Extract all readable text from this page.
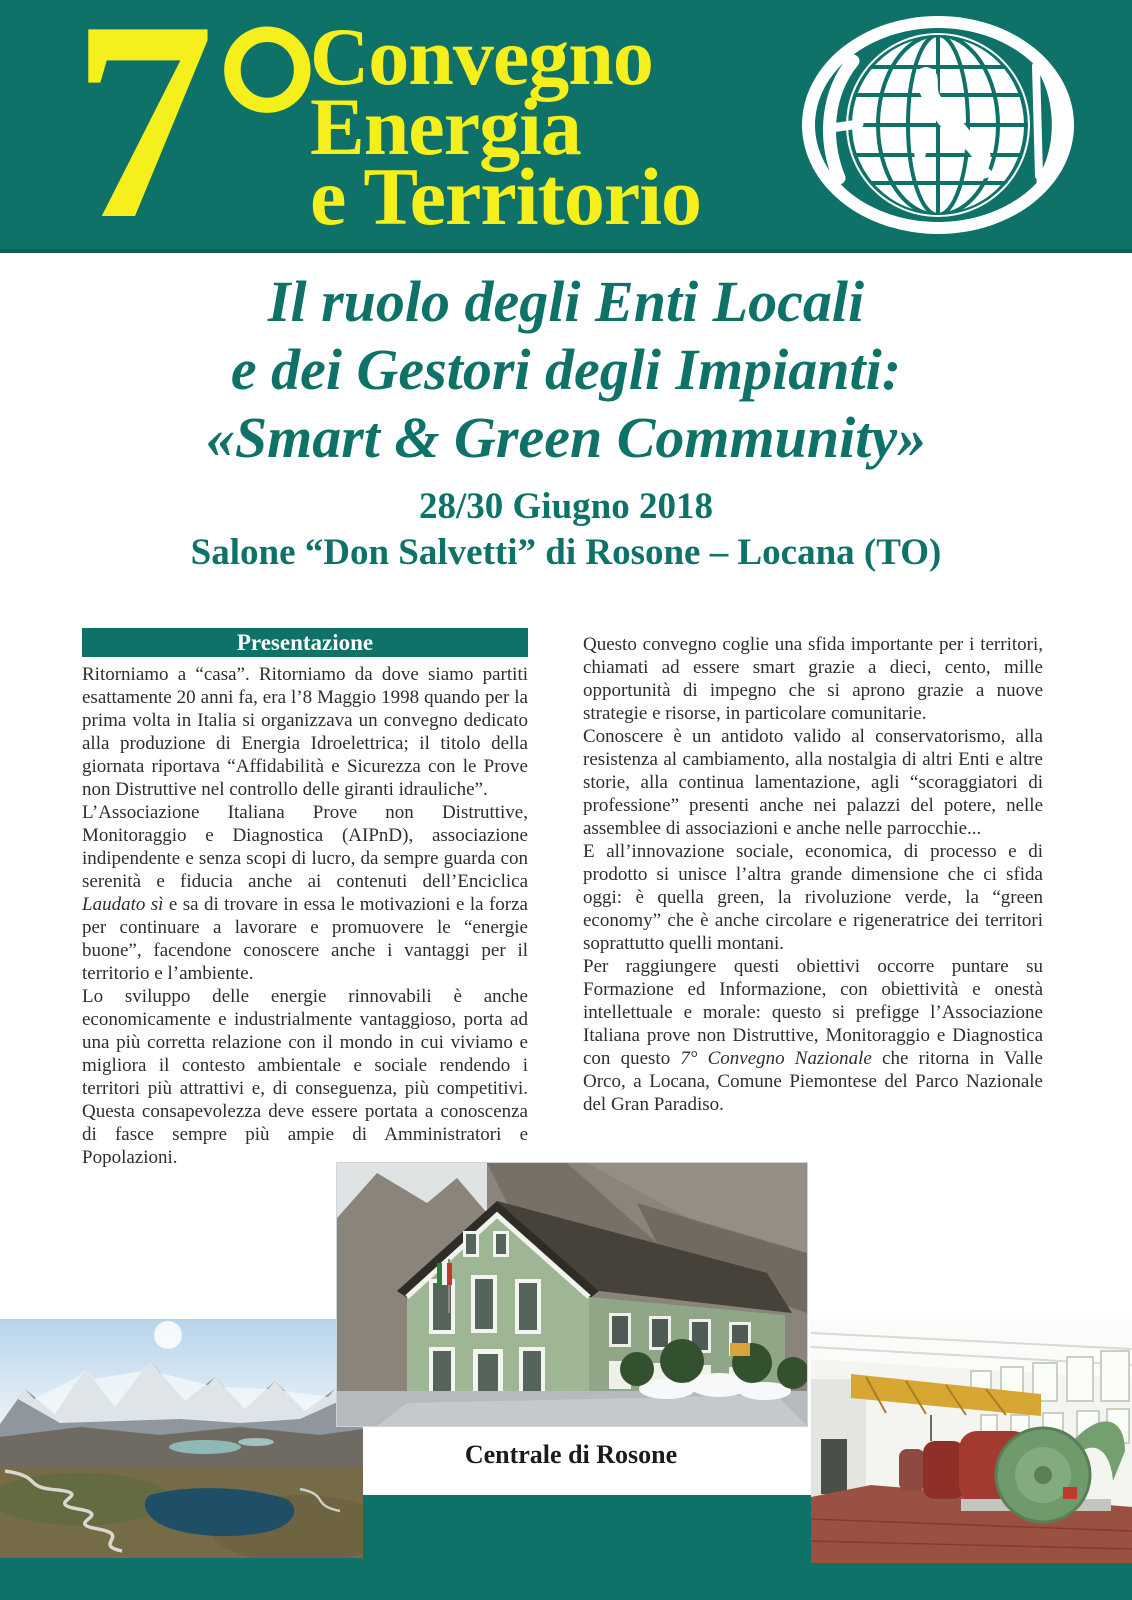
7°
Convegno
Energia
e Territorio
Il ruolo degli Enti Locali
e dei Gestori degli Impianti:
«Smart & Green Community»
28/30 Giugno 2018
Salone “Don Salvetti” di Rosone – Locana (TO)
Presentazione

Ritorniamo a “casa”. Ritorniamo da dove siamo partiti esattamente 20 anni fa, era l’8 Maggio 1998 quando per la prima volta in Italia si organizzava un convegno dedicato alla produzione di Energia Idroelettrica; il titolo della giornata riportava “Affidabilità e Sicurezza con le Prove non Distruttive nel controllo delle giranti idrauliche”.

L’Associazione Italiana Prove non Distruttive, Monitoraggio e Diagnostica (AIPnD), associazione indipendente e senza scopi di lucro, da sempre guarda con serenità e fiducia anche ai contenuti dell’Enciclica Laudato sì e sa di trovare in essa le motivazioni e la forza per continuare a lavorare e promuovere le “energie buone”, facendone conoscere anche i vantaggi per il territorio e l’ambiente.

Lo sviluppo delle energie rinnovabili è anche economicamente e industrialmente vantaggioso, porta ad una più corretta relazione con il mondo in cui viviamo e migliora il contesto ambientale e sociale rendendo i territori più attrattivi e, di conseguenza, più competitivi. Questa consapevolezza deve essere portata a conoscenza di fasce sempre più ampie di Amministratori e Popolazioni.

Questo convegno coglie una sfida importante per i territori, chiamati ad essere smart grazie a dieci, cento, mille opportunità di impegno che si aprono grazie a nuove strategie e risorse, in particolare comunitarie.

Conoscere è un antidoto valido al conservatorismo, alla resistenza al cambiamento, alla nostalgia di altri Enti e altre storie, alla continua lamentazione, agli “scoraggiatori di professione” presenti anche nei palazzi del potere, nelle assemblee di associazioni e anche nelle parrocchie...

E all’innovazione sociale, economica, di processo e di prodotto si unisce l’altra grande dimensione che ci sfida oggi: è quella green, la rivoluzione verde, la “green economy” che è anche circolare e rigeneratrice dei territori soprattutto quelli montani.

Per raggiungere questi obiettivi occorre puntare su Formazione ed Informazione, con obiettività e onestà intellettuale e morale: questo si prefigge l’Associazione Italiana prove non Distruttive, Monitoraggio e Diagnostica con questo 7° Convegno Nazionale che ritorna in Valle Orco, a Locana, Comune Piemontese del Parco Nazionale del Gran Paradiso.

Centrale di Rosone
